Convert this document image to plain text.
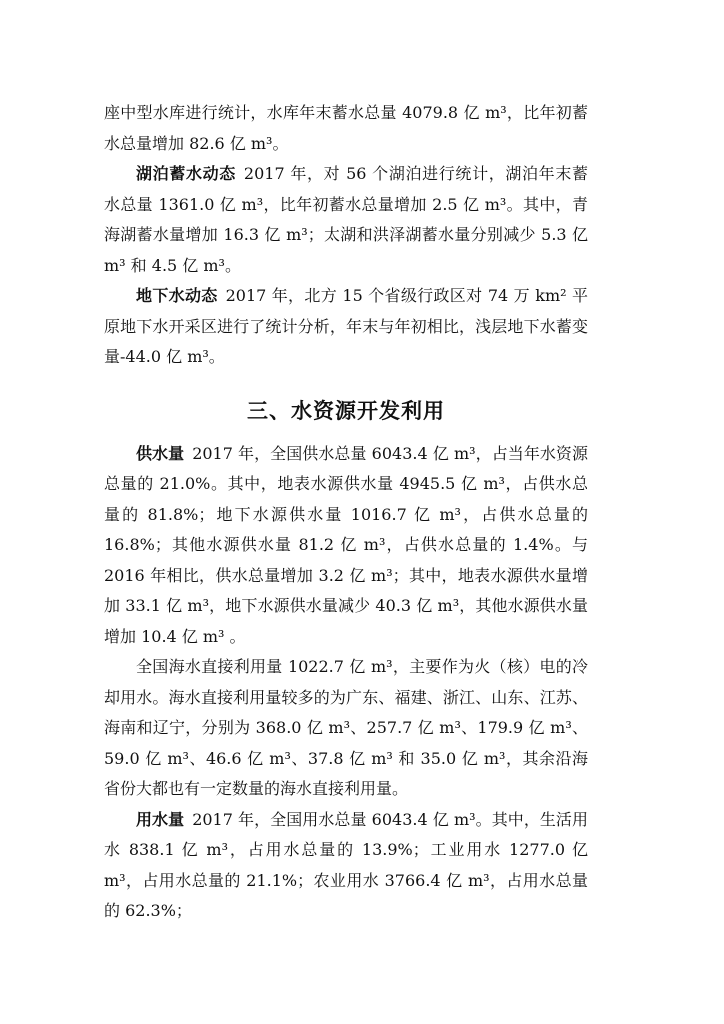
座中型水库进行统计，水库年末蓄水总量 4079.8 亿 m³，比年初蓄水总量增加 82.6 亿 m³。

湖泊蓄水动态 2017 年，对 56 个湖泊进行统计，湖泊年末蓄水总量 1361.0 亿 m³，比年初蓄水总量增加 2.5 亿 m³。其中，青海湖蓄水量增加 16.3 亿 m³；太湖和洪泽湖蓄水量分别减少 5.3 亿 m³ 和 4.5 亿 m³。

地下水动态 2017 年，北方 15 个省级行政区对 74 万 km² 平原地下水开采区进行了统计分析，年末与年初相比，浅层地下水蓄变量-44.0 亿 m³。

三、水资源开发利用

供水量 2017 年，全国供水总量 6043.4 亿 m³，占当年水资源总量的 21.0%。其中，地表水源供水量 4945.5 亿 m³，占供水总量的 81.8%；地下水源供水量 1016.7 亿 m³，占供水总量的 16.8%；其他水源供水量 81.2 亿 m³，占供水总量的 1.4%。与 2016 年相比，供水总量增加 3.2 亿 m³；其中，地表水源供水量增加 33.1 亿 m³，地下水源供水量减少 40.3 亿 m³，其他水源供水量增加 10.4 亿 m³ 。

全国海水直接利用量 1022.7 亿 m³，主要作为火（核）电的冷却用水。海水直接利用量较多的为广东、福建、浙江、山东、江苏、海南和辽宁，分别为 368.0 亿 m³、257.7 亿 m³、179.9 亿 m³、59.0 亿 m³、46.6 亿 m³、37.8 亿 m³ 和 35.0 亿 m³，其余沿海省份大都也有一定数量的海水直接利用量。

用水量 2017 年，全国用水总量 6043.4 亿 m³。其中，生活用水 838.1 亿 m³，占用水总量的 13.9%；工业用水 1277.0 亿 m³，占用水总量的 21.1%；农业用水 3766.4 亿 m³，占用水总量的 62.3%；
